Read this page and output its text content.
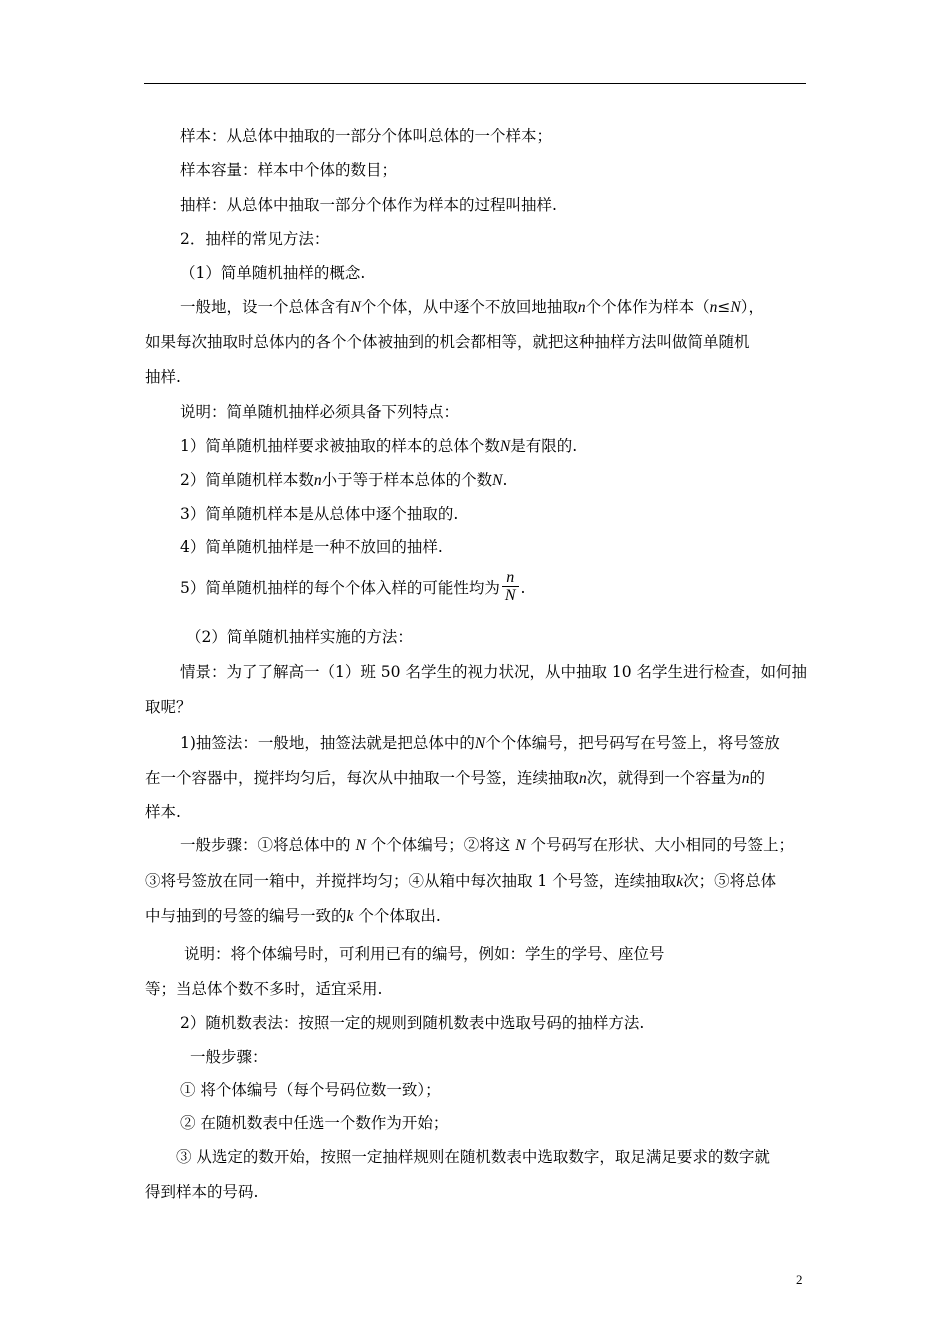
样本：从总体中抽取的一部分个体叫总体的一个样本；
样本容量：样本中个体的数目；
抽样：从总体中抽取一部分个体作为样本的过程叫抽样.
2．抽样的常见方法：
（1）简单随机抽样的概念.
一般地，设一个总体含有N个个体，从中逐个不放回地抽取n个个体作为样本（n≤N），
如果每次抽取时总体内的各个个体被抽到的机会都相等，就把这种抽样方法叫做简单随机
抽样.
说明：简单随机抽样必须具备下列特点：
1）简单随机抽样要求被抽取的样本的总体个数N是有限的.
2）简单随机样本数n小于等于样本总体的个数N.
3）简单随机样本是从总体中逐个抽取的.
4）简单随机抽样是一种不放回的抽样.
5）简单随机抽样的每个个体入样的可能性均为 $\frac{n}{N}$ .
（2）简单随机抽样实施的方法：
情景：为了了解高一（1）班 50 名学生的视力状况，从中抽取 10 名学生进行检查，如何抽
取呢？
1)抽签法：一般地，抽签法就是把总体中的N个个体编号，把号码写在号签上，将号签放
在一个容器中，搅拌均匀后，每次从中抽取一个号签，连续抽取n次，就得到一个容量为n的
样本.
一般步骤：①将总体中的 N 个个体编号；②将这 N 个号码写在形状、大小相同的号签上；
③将号签放在同一箱中，并搅拌均匀；④从箱中每次抽取 1 个号签，连续抽取k次；⑤将总体
中与抽到的号签的编号一致的k 个个体取出.
说明：将个体编号时，可利用已有的编号，例如：学生的学号、座位号
等；当总体个数不多时，适宜采用.
2）随机数表法：按照一定的规则到随机数表中选取号码的抽样方法.
一般步骤：
① 将个体编号（每个号码位数一致）；
② 在随机数表中任选一个数作为开始；
③ 从选定的数开始，按照一定抽样规则在随机数表中选取数字，取足满足要求的数字就
得到样本的号码.
2
